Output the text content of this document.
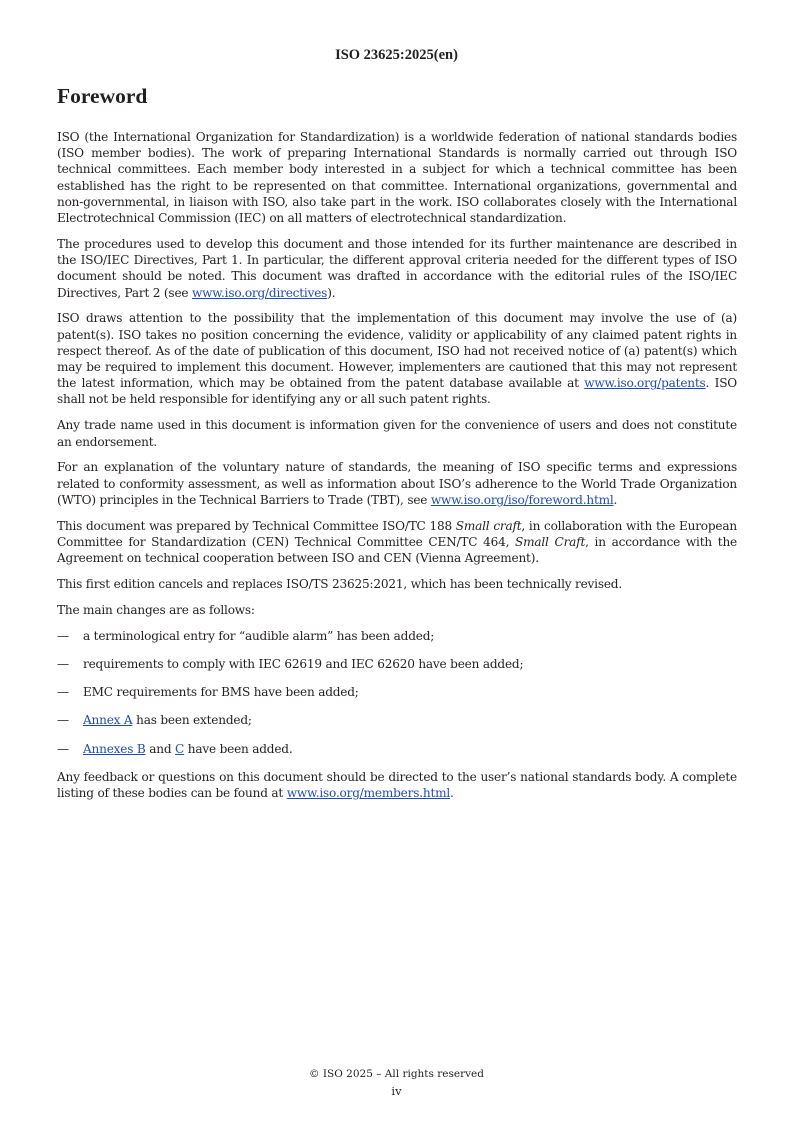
ISO 23625:2025(en)
Foreword

ISO (the International Organization for Standardization) is a worldwide federation of national standards bodies (ISO member bodies). The work of preparing International Standards is normally carried out through ISO technical committees. Each member body interested in a subject for which a technical committee has been established has the right to be represented on that committee. International organizations, governmental and non-governmental, in liaison with ISO, also take part in the work. ISO collaborates closely with the International Electrotechnical Commission (IEC) on all matters of electrotechnical standardization.

The procedures used to develop this document and those intended for its further maintenance are described in the ISO/IEC Directives, Part 1. In particular, the different approval criteria needed for the different types of ISO document should be noted. This document was drafted in accordance with the editorial rules of the ISO/IEC Directives, Part 2 (see www.iso.org/directives).

ISO draws attention to the possibility that the implementation of this document may involve the use of (a) patent(s). ISO takes no position concerning the evidence, validity or applicability of any claimed patent rights in respect thereof. As of the date of publication of this document, ISO had not received notice of (a) patent(s) which may be required to implement this document. However, implementers are cautioned that this may not represent the latest information, which may be obtained from the patent database available at www.iso.org/patents. ISO shall not be held responsible for identifying any or all such patent rights.

Any trade name used in this document is information given for the convenience of users and does not constitute an endorsement.

For an explanation of the voluntary nature of standards, the meaning of ISO specific terms and expressions related to conformity assessment, as well as information about ISO’s adherence to the World Trade Organization (WTO) principles in the Technical Barriers to Trade (TBT), see www.iso.org/iso/foreword.html.

This document was prepared by Technical Committee ISO/TC 188 Small craft, in collaboration with the European Committee for Standardization (CEN) Technical Committee CEN/TC 464, Small Craft, in accordance with the Agreement on technical cooperation between ISO and CEN (Vienna Agreement).

This first edition cancels and replaces ISO/TS 23625:2021, which has been technically revised.

The main changes are as follows:

—	a terminological entry for “audible alarm” has been added;
—	requirements to comply with IEC 62619 and IEC 62620 have been added;
—	EMC requirements for BMS have been added;
—	Annex A has been extended;
—	Annexes B and C have been added.

Any feedback or questions on this document should be directed to the user’s national standards body. A complete listing of these bodies can be found at www.iso.org/members.html.

© ISO 2025 – All rights reserved
iv
